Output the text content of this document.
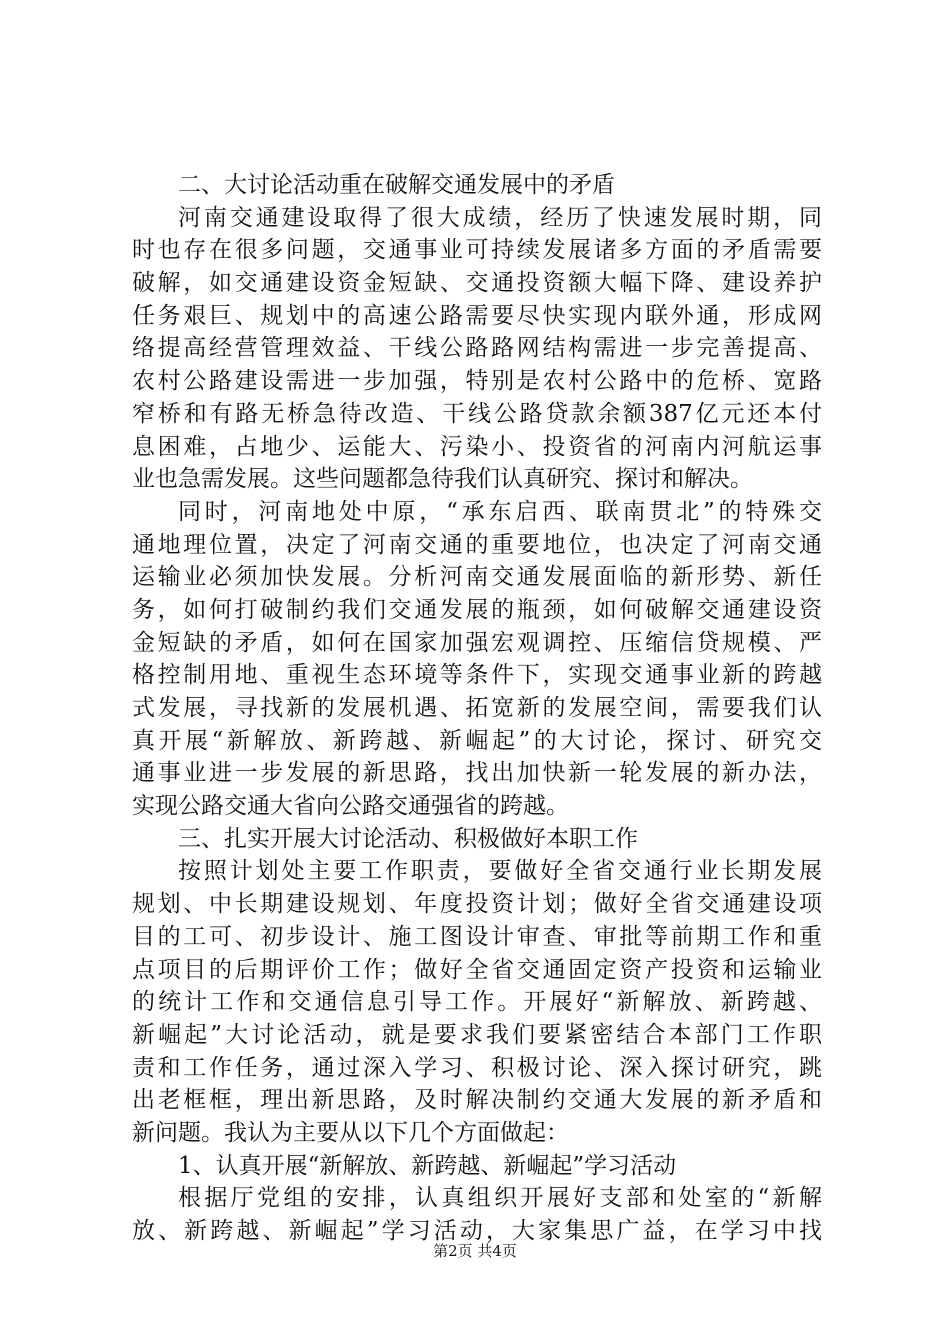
二、大讨论活动重在破解交通发展中的矛盾
河南交通建设取得了很大成绩，经历了快速发展时期，同
时也存在很多问题，交通事业可持续发展诸多方面的矛盾需要
破解，如交通建设资金短缺、交通投资额大幅下降、建设养护
任务艰巨、规划中的高速公路需要尽快实现内联外通，形成网
络提高经营管理效益、干线公路路网结构需进一步完善提高、
农村公路建设需进一步加强，特别是农村公路中的危桥、宽路
窄桥和有路无桥急待改造、干线公路贷款余额387亿元还本付
息困难，占地少、运能大、污染小、投资省的河南内河航运事
业也急需发展。这些问题都急待我们认真研究、探讨和解决。
同时，河南地处中原，“承东启西、联南贯北”的特殊交
通地理位置，决定了河南交通的重要地位，也决定了河南交通
运输业必须加快发展。分析河南交通发展面临的新形势、新任
务，如何打破制约我们交通发展的瓶颈，如何破解交通建设资
金短缺的矛盾，如何在国家加强宏观调控、压缩信贷规模、严
格控制用地、重视生态环境等条件下，实现交通事业新的跨越
式发展，寻找新的发展机遇、拓宽新的发展空间，需要我们认
真开展“新解放、新跨越、新崛起”的大讨论，探讨、研究交
通事业进一步发展的新思路，找出加快新一轮发展的新办法，
实现公路交通大省向公路交通强省的跨越。
三、扎实开展大讨论活动、积极做好本职工作
按照计划处主要工作职责，要做好全省交通行业长期发展
规划、中长期建设规划、年度投资计划；做好全省交通建设项
目的工可、初步设计、施工图设计审查、审批等前期工作和重
点项目的后期评价工作；做好全省交通固定资产投资和运输业
的统计工作和交通信息引导工作。开展好“新解放、新跨越、
新崛起”大讨论活动，就是要求我们要紧密结合本部门工作职
责和工作任务，通过深入学习、积极讨论、深入探讨研究，跳
出老框框，理出新思路，及时解决制约交通大发展的新矛盾和
新问题。我认为主要从以下几个方面做起：
1、认真开展“新解放、新跨越、新崛起”学习活动
根据厅党组的安排，认真组织开展好支部和处室的“新解
放、新跨越、新崛起”学习活动，大家集思广益，在学习中找
第2页 共4页
